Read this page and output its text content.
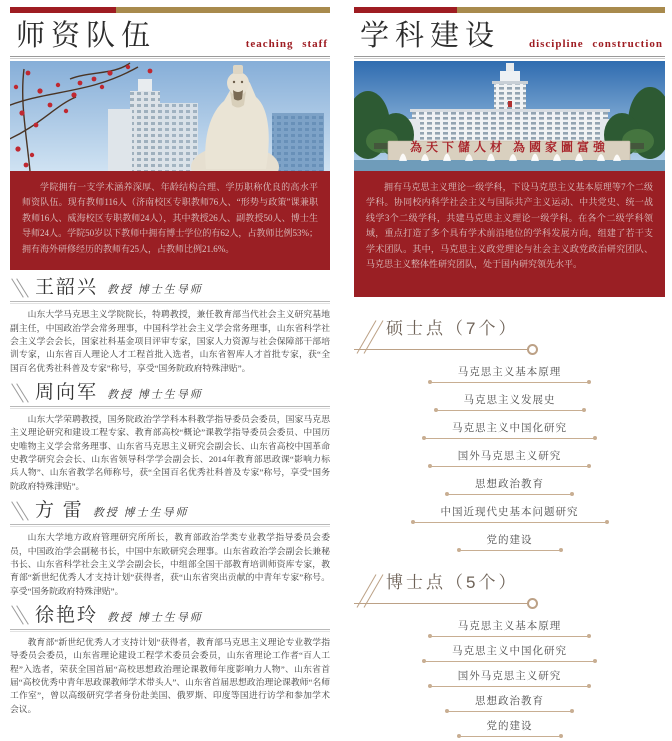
师资队伍	teaching staff

学院拥有一支学术涵养深厚、年龄结构合理、学历职称优良的高水平师资队伍。现有教师116人（济南校区专职教师76人、“形势与政策”课兼职教师16人、威海校区专职教师24人），其中教授26人、副教授50人、博士生导师24人。学院50岁以下教师中拥有博士学位的有62人，占教师比例53%；拥有海外研修经历的教师有25人，占教师比例21.6%。

王韶兴 教授 博士生导师

山东大学马克思主义学院院长，特聘教授，兼任教育部当代社会主义研究基地副主任，中国政治学会常务理事，中国科学社会主义学会常务理事，山东省科学社会主义学会会长，国家社科基金项目评审专家，国家人力资源与社会保障部干部培训专家，山东省百人理论人才工程首批入选者，山东省智库人才首批专家，获“全国百名优秀社科普及专家”称号，享受“国务院政府特殊津贴”。

周向军 教授 博士生导师

山东大学荣聘教授，国务院政治学学科本科教学指导委员会委员，国家马克思主义理论研究和建设工程专家、教育部高校“概论”课教学指导委员会委员、中国历史唯物主义学会常务理事、山东省马克思主义研究会副会长、山东省高校中国革命史教学研究会会长、山东省领导科学学会副会长、2014年教育部思政课“影响力标兵人物”、山东省教学名师称号，获“全国百名优秀社科普及专家”称号，享受“国务院政府特殊津贴”。

方 雷 教授 博士生导师

山东大学地方政府管理研究所所长，教育部政治学类专业教学指导委员会委员，中国政治学会副秘书长，中国中东欧研究会理事。山东省政治学会副会长兼秘书长、山东省科学社会主义学会副会长，中组部全国干部教育培训师资库专家，教育部“新世纪优秀人才支持计划”获得者，获“山东省突出贡献的中青年专家”称号。享受“国务院政府特殊津贴”。

徐艳玲 教授 博士生导师

教育部“新世纪优秀人才支持计划”获得者，教育部马克思主义理论专业教学指导委员会委员，山东省理论建设工程学术委员会委员，山东省理论工作者“百人工程”入选者，荣获全国首届“高校思想政治理论课教师年度影响力人物”、山东省首届“高校优秀中青年思政课教师学术带头人”、山东省首届思想政治理论课教师“名师工作室”，曾以高级研究学者身份赴美国、俄罗斯、印度等国进行访学和参加学术会议。

学科建设	discipline construction
為天下儲人材 為國家圖富強

拥有马克思主义理论一级学科，下设马克思主义基本原理等7个二级学科。协同校内科学社会主义与国际共产主义运动、中共党史、统一战线学3个二级学科，共建马克思主义理论一级学科。在各个二级学科领域，重点打造了多个具有学术前沿地位的学科发展方向，组建了若干支学术团队。其中，马克思主义政党理论与社会主义政党政治研究团队、马克思主义整体性研究团队，处于国内研究领先水平。

硕士点（7个）
马克思主义基本原理
马克思主义发展史
马克思主义中国化研究
国外马克思主义研究
思想政治教育
中国近现代史基本问题研究
党的建设
博士点（5个）
马克思主义基本原理
马克思主义中国化研究
国外马克思主义研究
思想政治教育
党的建设
